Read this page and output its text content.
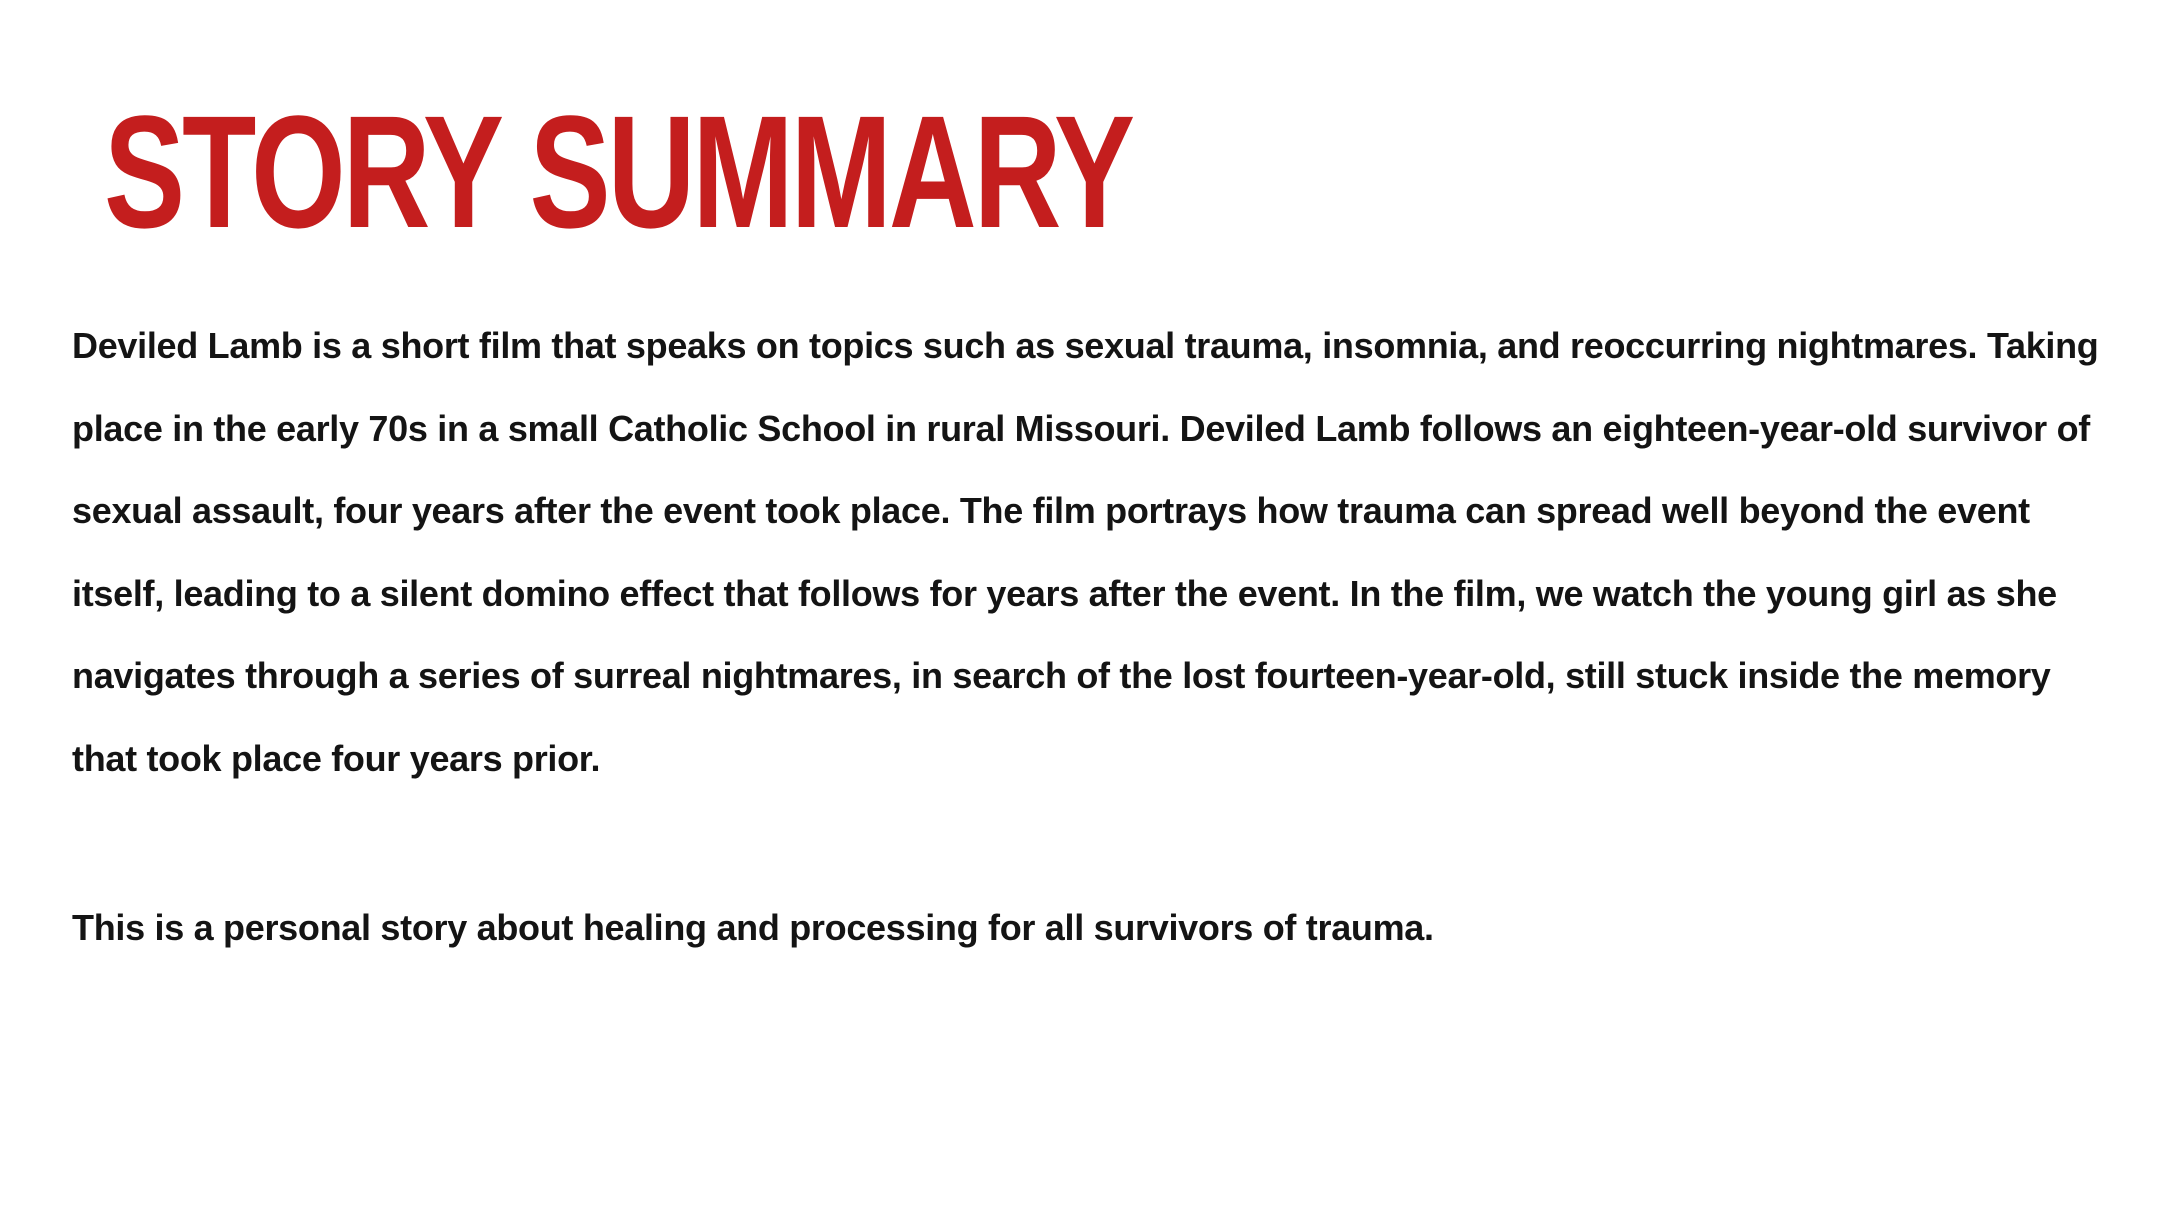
STORY SUMMARY

Deviled Lamb is a short film that speaks on topics such as sexual trauma, insomnia, and reoccurring nightmares. Taking place in the early 70s in a small Catholic School in rural Missouri. Deviled Lamb follows an eighteen-year-old survivor of sexual assault, four years after the event took place. The film portrays how trauma can spread well beyond the event itself, leading to a silent domino effect that follows for years after the event. In the film, we watch the young girl as she navigates through a series of surreal nightmares, in search of the lost fourteen-year-old, still stuck inside the memory that took place four years prior.

This is a personal story about healing and processing for all survivors of trauma.
